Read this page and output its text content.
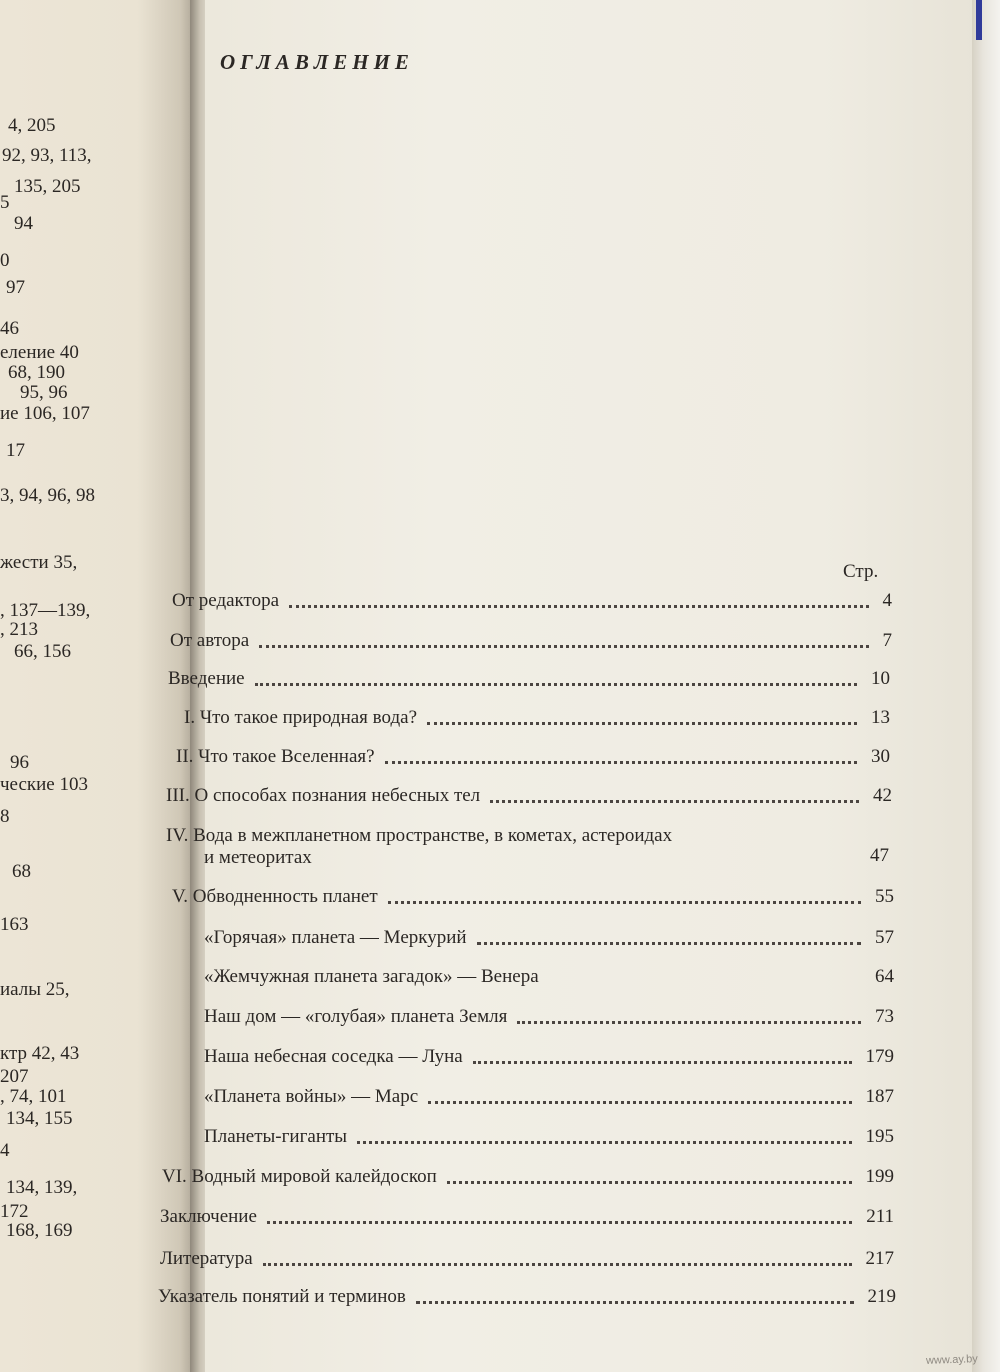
4, 205
92, 93, 113,
135, 205
5
94
0
97
46
еление 40
68, 190
95, 96
ие 106, 107
17
3, 94, 96, 98
жести 35,
, 137—139,
, 213
66, 156
96
ческие 103
8
68
163
иалы 25,
ктр 42, 43
207
, 74, 101
134, 155
4
134, 139,
172
168, 169
ОГЛАВЛЕНИЕ
Стр.
От редактора	4
От автора	7
Введение	10
I. Что такое природная вода?	13
II. Что такое Вселенная?	30
III. О способах познания небесных тел	42
IV. Вода в межпланетном пространстве, в кометах, астероидах
и метеоритах	47
V. Обводненность планет	55
«Горячая» планета — Меркурий	57
«Жемчужная планета загадок» — Венера	64
Наш дом — «голубая» планета Земля	73
Наша небесная соседка — Луна	179
«Планета войны» — Марс	187
Планеты-гиганты	195
VI. Водный мировой калейдоскоп	199
Заключение	211
Литература	217
Указатель понятий и терминов	219
www.ay.by
